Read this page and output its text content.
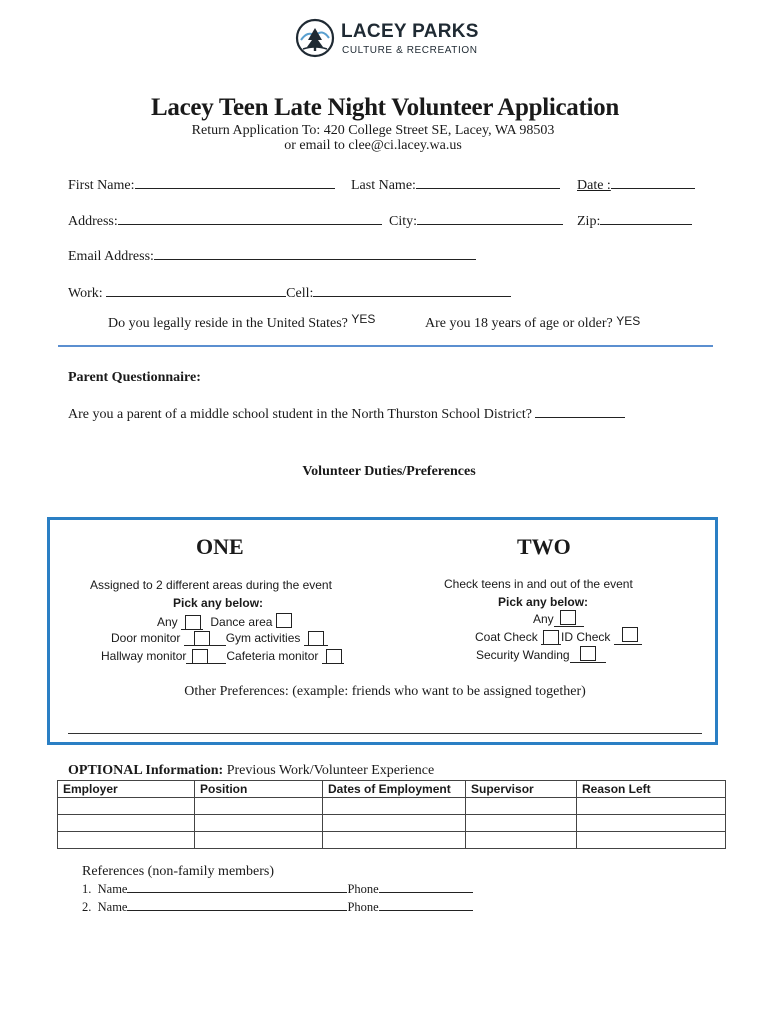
LACEY PARKS
CULTURE & RECREATION
Lacey Teen Late Night Volunteer Application
Return Application To: 420 College Street SE, Lacey, WA 98503
or email to clee@ci.lacey.wa.us
First Name:	Last Name:	Date :
Address:	City:	Zip:
Email Address:
Work:	Cell:
Do you legally reside in the United States? YES	Are you 18 years of age or older? YES
Parent Questionnaire:
Are you a parent of a middle school student in the North Thurston School District?
Volunteer Duties/Preferences
ONE
Assigned to 2 different areas during the event
Pick any below:
Any	Dance area
Door monitor	Gym activities

Hallway monitor	Cafeteria monitor

TWO
Check teens in and out of the event
Pick any below:
Any

Coat Check ID Check

Security Wanding

Other Preferences: (example: friends who want to be assigned together)
OPTIONAL Information: Previous Work/Volunteer Experience
Employer	Position	Dates of Employment	Supervisor	Reason Left

References (non-family members)
1. Name	Phone
2. Name	Phone
